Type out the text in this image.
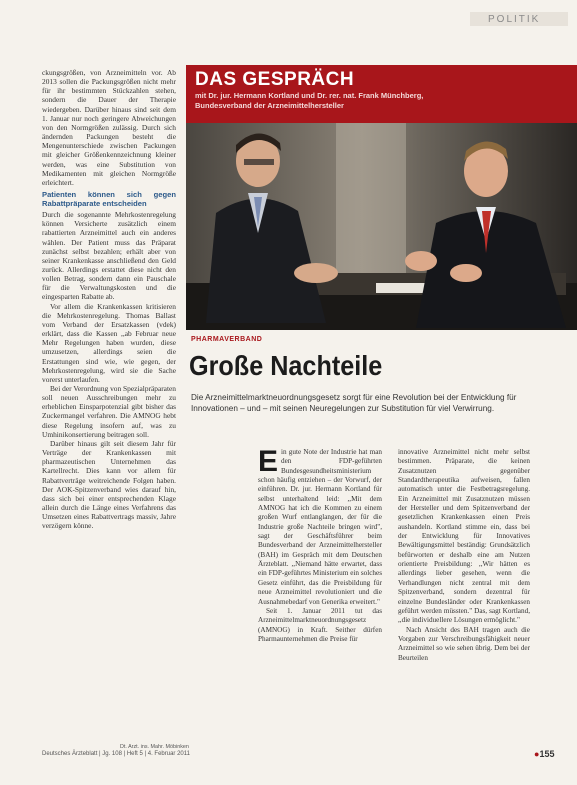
POLITIK

ckungsgrößen, von Arzneimitteln vor. Ab 2013 sollen die Packungsgrößen nicht mehr für ihr bestimmten Stückzahlen stehen, sondern die Dauer der Therapie wiedergeben. Darüber hinaus sind seit dem 1. Januar nur noch geringere Abweichungen von den Normgrößen zulässig. Durch sich ändernden Packungen besteht die Mengenunterschiede zwischen Packungen mit gleicher Größenkennzeichnung kleiner werden, was eine Substitution von Medikamenten mit gleichen Normgröße erleichtert.

Patienten können sich gegen Rabattpräparate entscheiden

Durch die sogenannte Mehrkostenregelung können Versicherte zusätzlich einem rabattierten Arzneimittel auch ein anderes wählen. Der Patient muss das Präparat zunächst selbst bezahlen; erhält aber von seiner Krankenkasse anschließend den Geld zurück. Allerdings erstattet diese nicht den vollen Betrag, sondern dann ein Pauschale für die Verwaltungskosten und die eingesparten Rabatte ab.

Vor allem die Krankenkassen kritisieren die Mehrkostenregelung. Thomas Ballast vom Verband der Ersatzkassen (vdek) erklärt, dass die Kassen ,,ab Februar neue Mehr Regelungen haben wurden, diese umzusetzen, allerdings seien die Erstattungen sind wie, wie gegen, der Mehrkostenregelung, wird sie die Sache vorerst unterlaufen.

Bei der Verordnung von Spezialpräparaten soll neuen Ausschreibungen mehr zu erheblichen Einsparpotenzial gibt bisher das Zuckermangel verfahren. Die AMNOG hebt diese Regelung insofern auf, was zu Umhinikonsertierung beitragen soll.

Darüber hinaus gilt seit diesem Jahr für Verträge der Krankenkassen mit pharmazeutischen Unternehmen das Kartellrecht. Dies kann vor allem für Rabattverträge weitreichende Folgen haben. Der AOK-Spitzenverband wies darauf hin, dass sich bei einer entsprechenden Klage allein durch die Länge eines Verfahrens das Umsetzen eines Rabattvertrags massiv, Jahre verzögern könne.

Dt. Arzt. ins. Mahr. Möbinken
DAS GESPRÄCH
mit Dr. jur. Hermann Kortland und Dr. rer. nat. Frank Münchberg,
Bundesverband der Arzneimittelhersteller
PHARMAVERBAND
Große Nachteile
Die Arzneimittelmarktneuordnungsgesetz sorgt für eine Revolution bei der Entwicklung für Innovationen – und – mit seinen Neuregelungen zur Substitution für viel Verwirrung.
E in gute Note der Industrie hat man den FDP-geführten Bundesgesundheitsministerium schon häufig entziehen – der Vorwurf, der einführen. Dr. jur. Hermann Kortland für selbst unterhaltend leid: ,,Mit dem AMNOG hat ich die Kommen zu einem großen Wurf entlanglangen, der für die Industrie große Nachteile bringen wird", sagt der Geschäftsführer beim Bundesverband der Arzneimittelhersteller (BAH) im Gespräch mit dem Deutschen Ärzteblatt. ,,Niemand hätte erwartet, dass ein FDP-geführtes Ministerium ein solches Gesetz einführt, das die Preisbildung für neue Arzneimittel revolutioniert und die Ausnahmebedarf von Generika erweitert."

Seit 1. Januar 2011 tut das Arzneimittelmarktneuordnungsgesetz (AMNOG) in Kraft. Seither dürfen Pharmaunternehmen die Preise für

innovative Arzneimittel nicht mehr selbst bestimmen. Präparate, die keinen Zusatznutzen gegenüber Standardtherapeutika aufweisen, fallen automatisch unter die Festbetragsregelung. Ein Arzneimittel mit Zusatznutzen müssen der Hersteller und dem Spitzenverband der gesetzlichen Krankenkassen einen Preis aushandeln. Kortland stimme ein, dass bei der Entwicklung für Innovatives Bewältigungsmittel beständig: Grundsätzlich befürworten er deshalb eine am Nutzen orientierte Preisbildung: ,,Wir hätten es allerdings lieber gesehen, wenn die Verhandlungen nicht zentral mit dem Spitzenverband, sondern dezentral für einzelne Bundesländer oder Krankenkassen geführt werden müssten." Das, sagt Kortland, ,,die individuellere Lösungen ermöglicht."

Nach Ansicht des BAH tragen auch die Vorgaben zur Verschreibungsfähigkeit neuer Arzneimittel so wie sehen übrig. Dem bei der Beurteilen

Deutsches Ärzteblatt | Jg. 108 | Heft 5 | 4. Februar 2011	●155
